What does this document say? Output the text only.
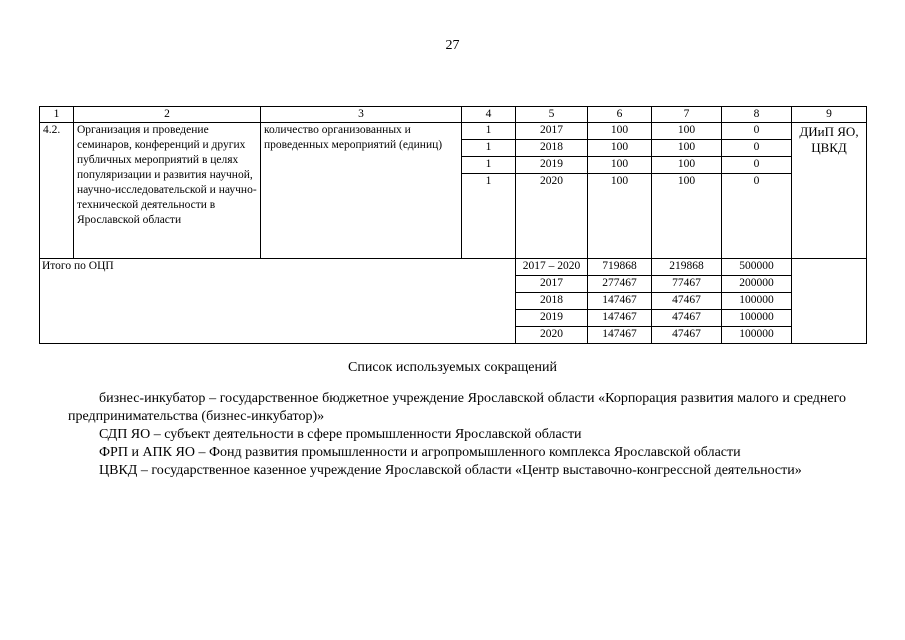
27
1	2	3	4	5	6	7	8	9
4.2.	Организация и проведение семинаров, конференций и других публичных мероприятий в целях популяризации и развития научной, научно-исследовательской и научно-технической деятельности в Ярославской области	количество организованных и проведенных мероприятий (единиц)	1	2017	100	100	0	ДИиП ЯО, ЦВКД
			1	2018	100	100	0	
			1	2019	100	100	0	
			1	2020	100	100	0	
Итого по ОЦП				2017 – 2020	719868	219868	500000	
				2017	277467	77467	200000	
				2018	147467	47467	100000	
				2019	147467	47467	100000	
				2020	147467	47467	100000	
Список используемых сокращений

бизнес-инкубатор – государственное бюджетное учреждение Ярославской области «Корпорация развития малого и среднего предпринимательства (бизнес-инкубатор)»

СДП ЯО – субъект деятельности в сфере промышленности Ярославской области

ФРП и АПК ЯО – Фонд развития промышленности и агропромышленного комплекса Ярославской области

ЦВКД – государственное казенное учреждение Ярославской области «Центр выставочно-конгрессной деятельности»
